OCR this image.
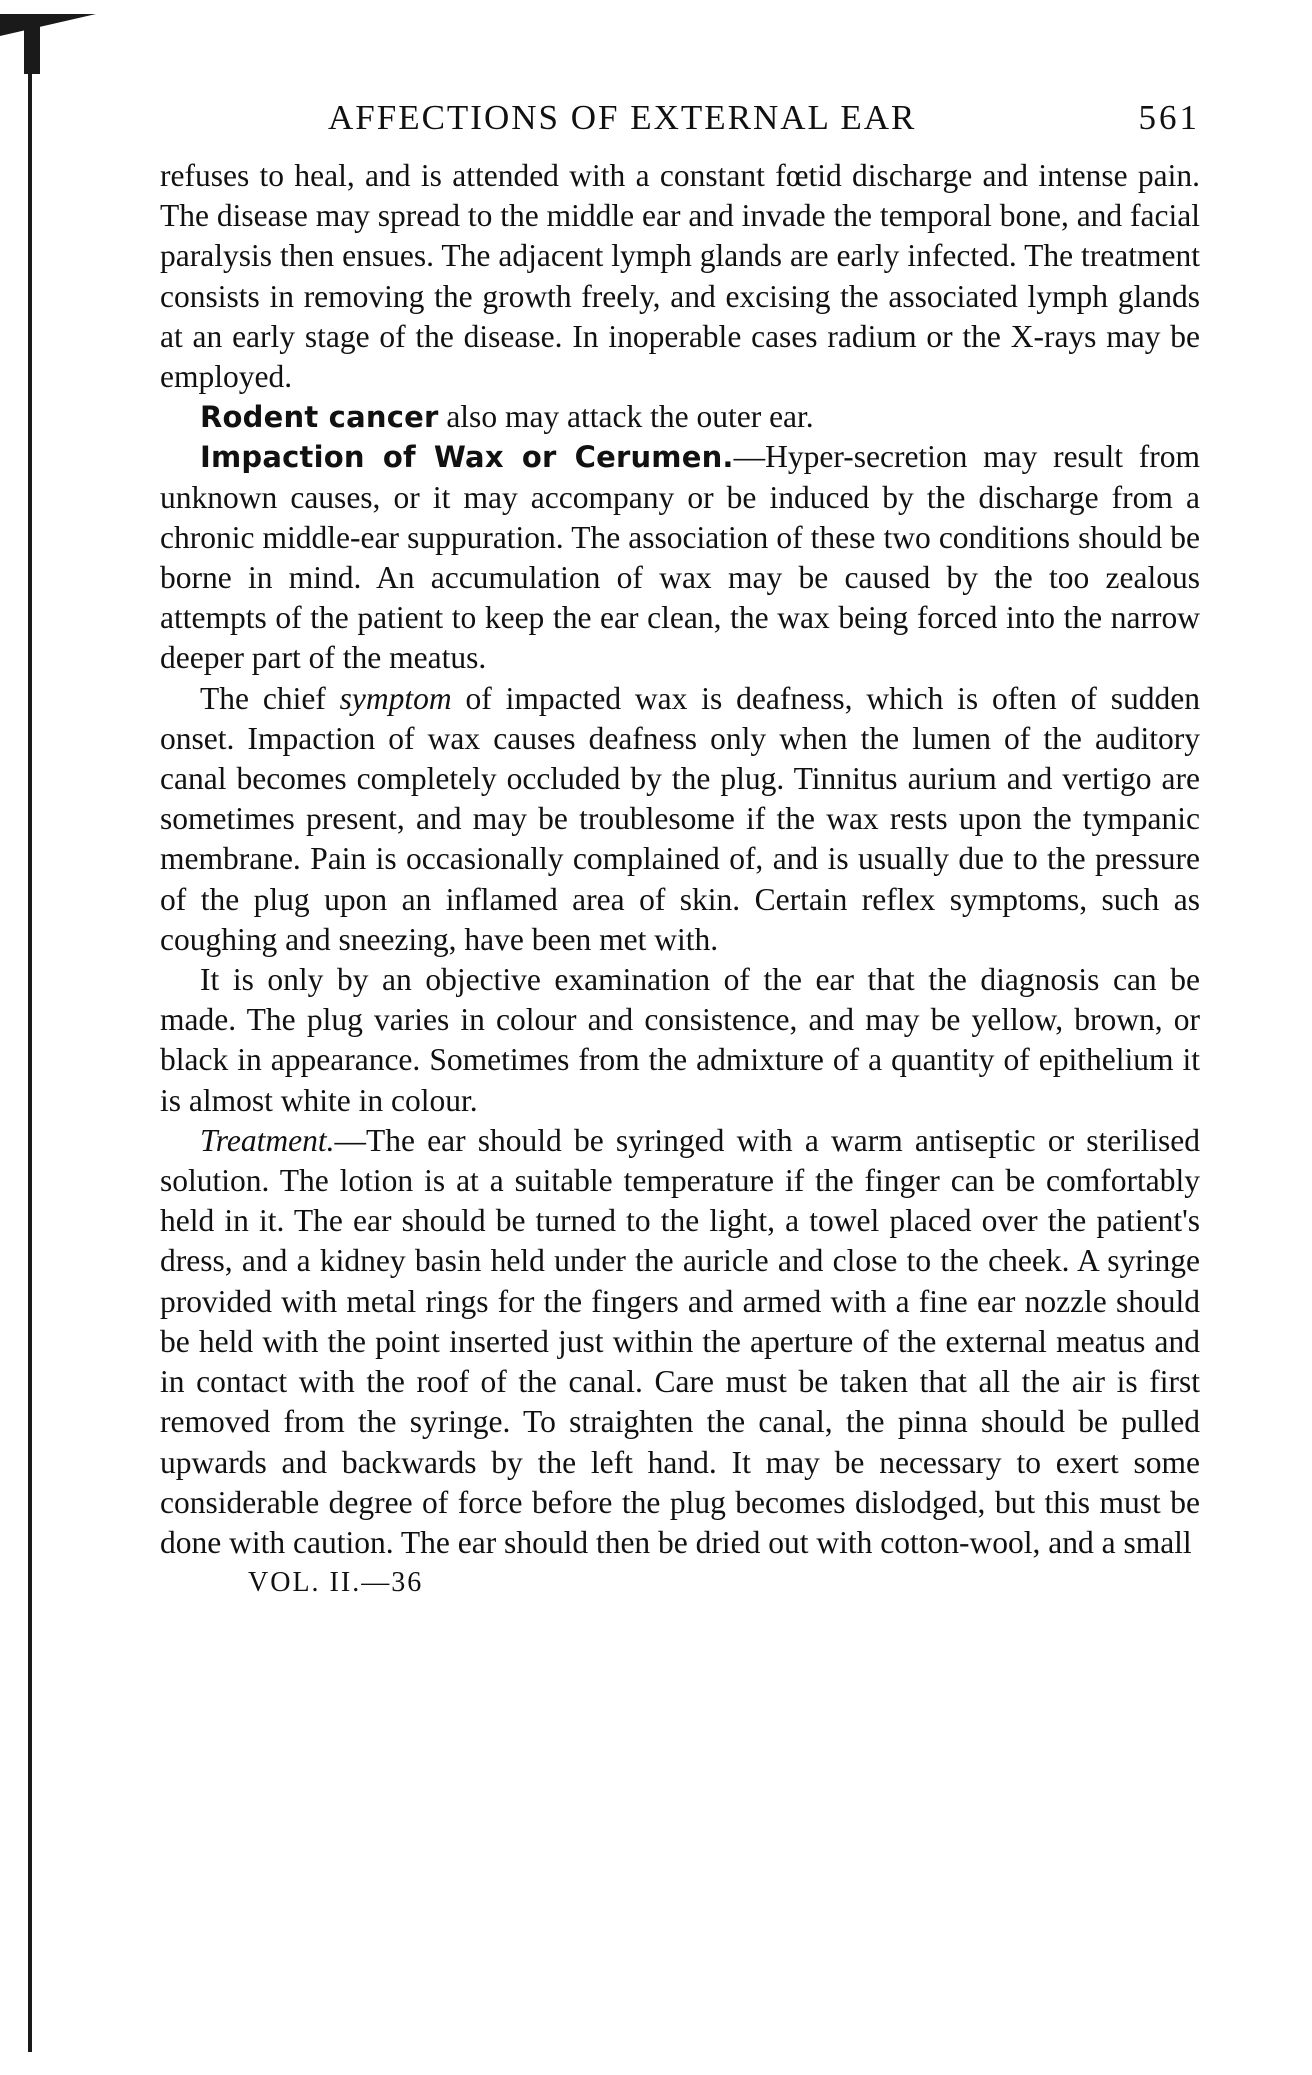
AFFECTIONS OF EXTERNAL EAR	561

refuses to heal, and is attended with a constant fœtid discharge and intense pain. The disease may spread to the middle ear and invade the temporal bone, and facial paralysis then ensues. The adjacent lymph glands are early infected. The treatment consists in removing the growth freely, and excising the associated lymph glands at an early stage of the disease. In inoperable cases radium or the X-rays may be employed.

Rodent cancer also may attack the outer ear.

Impaction of Wax or Cerumen.—Hyper-secretion may result from unknown causes, or it may accompany or be induced by the discharge from a chronic middle-ear suppuration. The association of these two conditions should be borne in mind. An accumulation of wax may be caused by the too zealous attempts of the patient to keep the ear clean, the wax being forced into the narrow deeper part of the meatus.

The chief symptom of impacted wax is deafness, which is often of sudden onset. Impaction of wax causes deafness only when the lumen of the auditory canal becomes completely occluded by the plug. Tinnitus aurium and vertigo are sometimes present, and may be troublesome if the wax rests upon the tympanic membrane. Pain is occasionally complained of, and is usually due to the pressure of the plug upon an inflamed area of skin. Certain reflex symptoms, such as coughing and sneezing, have been met with.

It is only by an objective examination of the ear that the diagnosis can be made. The plug varies in colour and consistence, and may be yellow, brown, or black in appearance. Sometimes from the admixture of a quantity of epithelium it is almost white in colour.

Treatment.—The ear should be syringed with a warm antiseptic or sterilised solution. The lotion is at a suitable temperature if the finger can be comfortably held in it. The ear should be turned to the light, a towel placed over the patient's dress, and a kidney basin held under the auricle and close to the cheek. A syringe provided with metal rings for the fingers and armed with a fine ear nozzle should be held with the point inserted just within the aperture of the external meatus and in contact with the roof of the canal. Care must be taken that all the air is first removed from the syringe. To straighten the canal, the pinna should be pulled upwards and backwards by the left hand. It may be necessary to exert some considerable degree of force before the plug becomes dislodged, but this must be done with caution. The ear should then be dried out with cotton-wool, and a small

VOL. II.—36
